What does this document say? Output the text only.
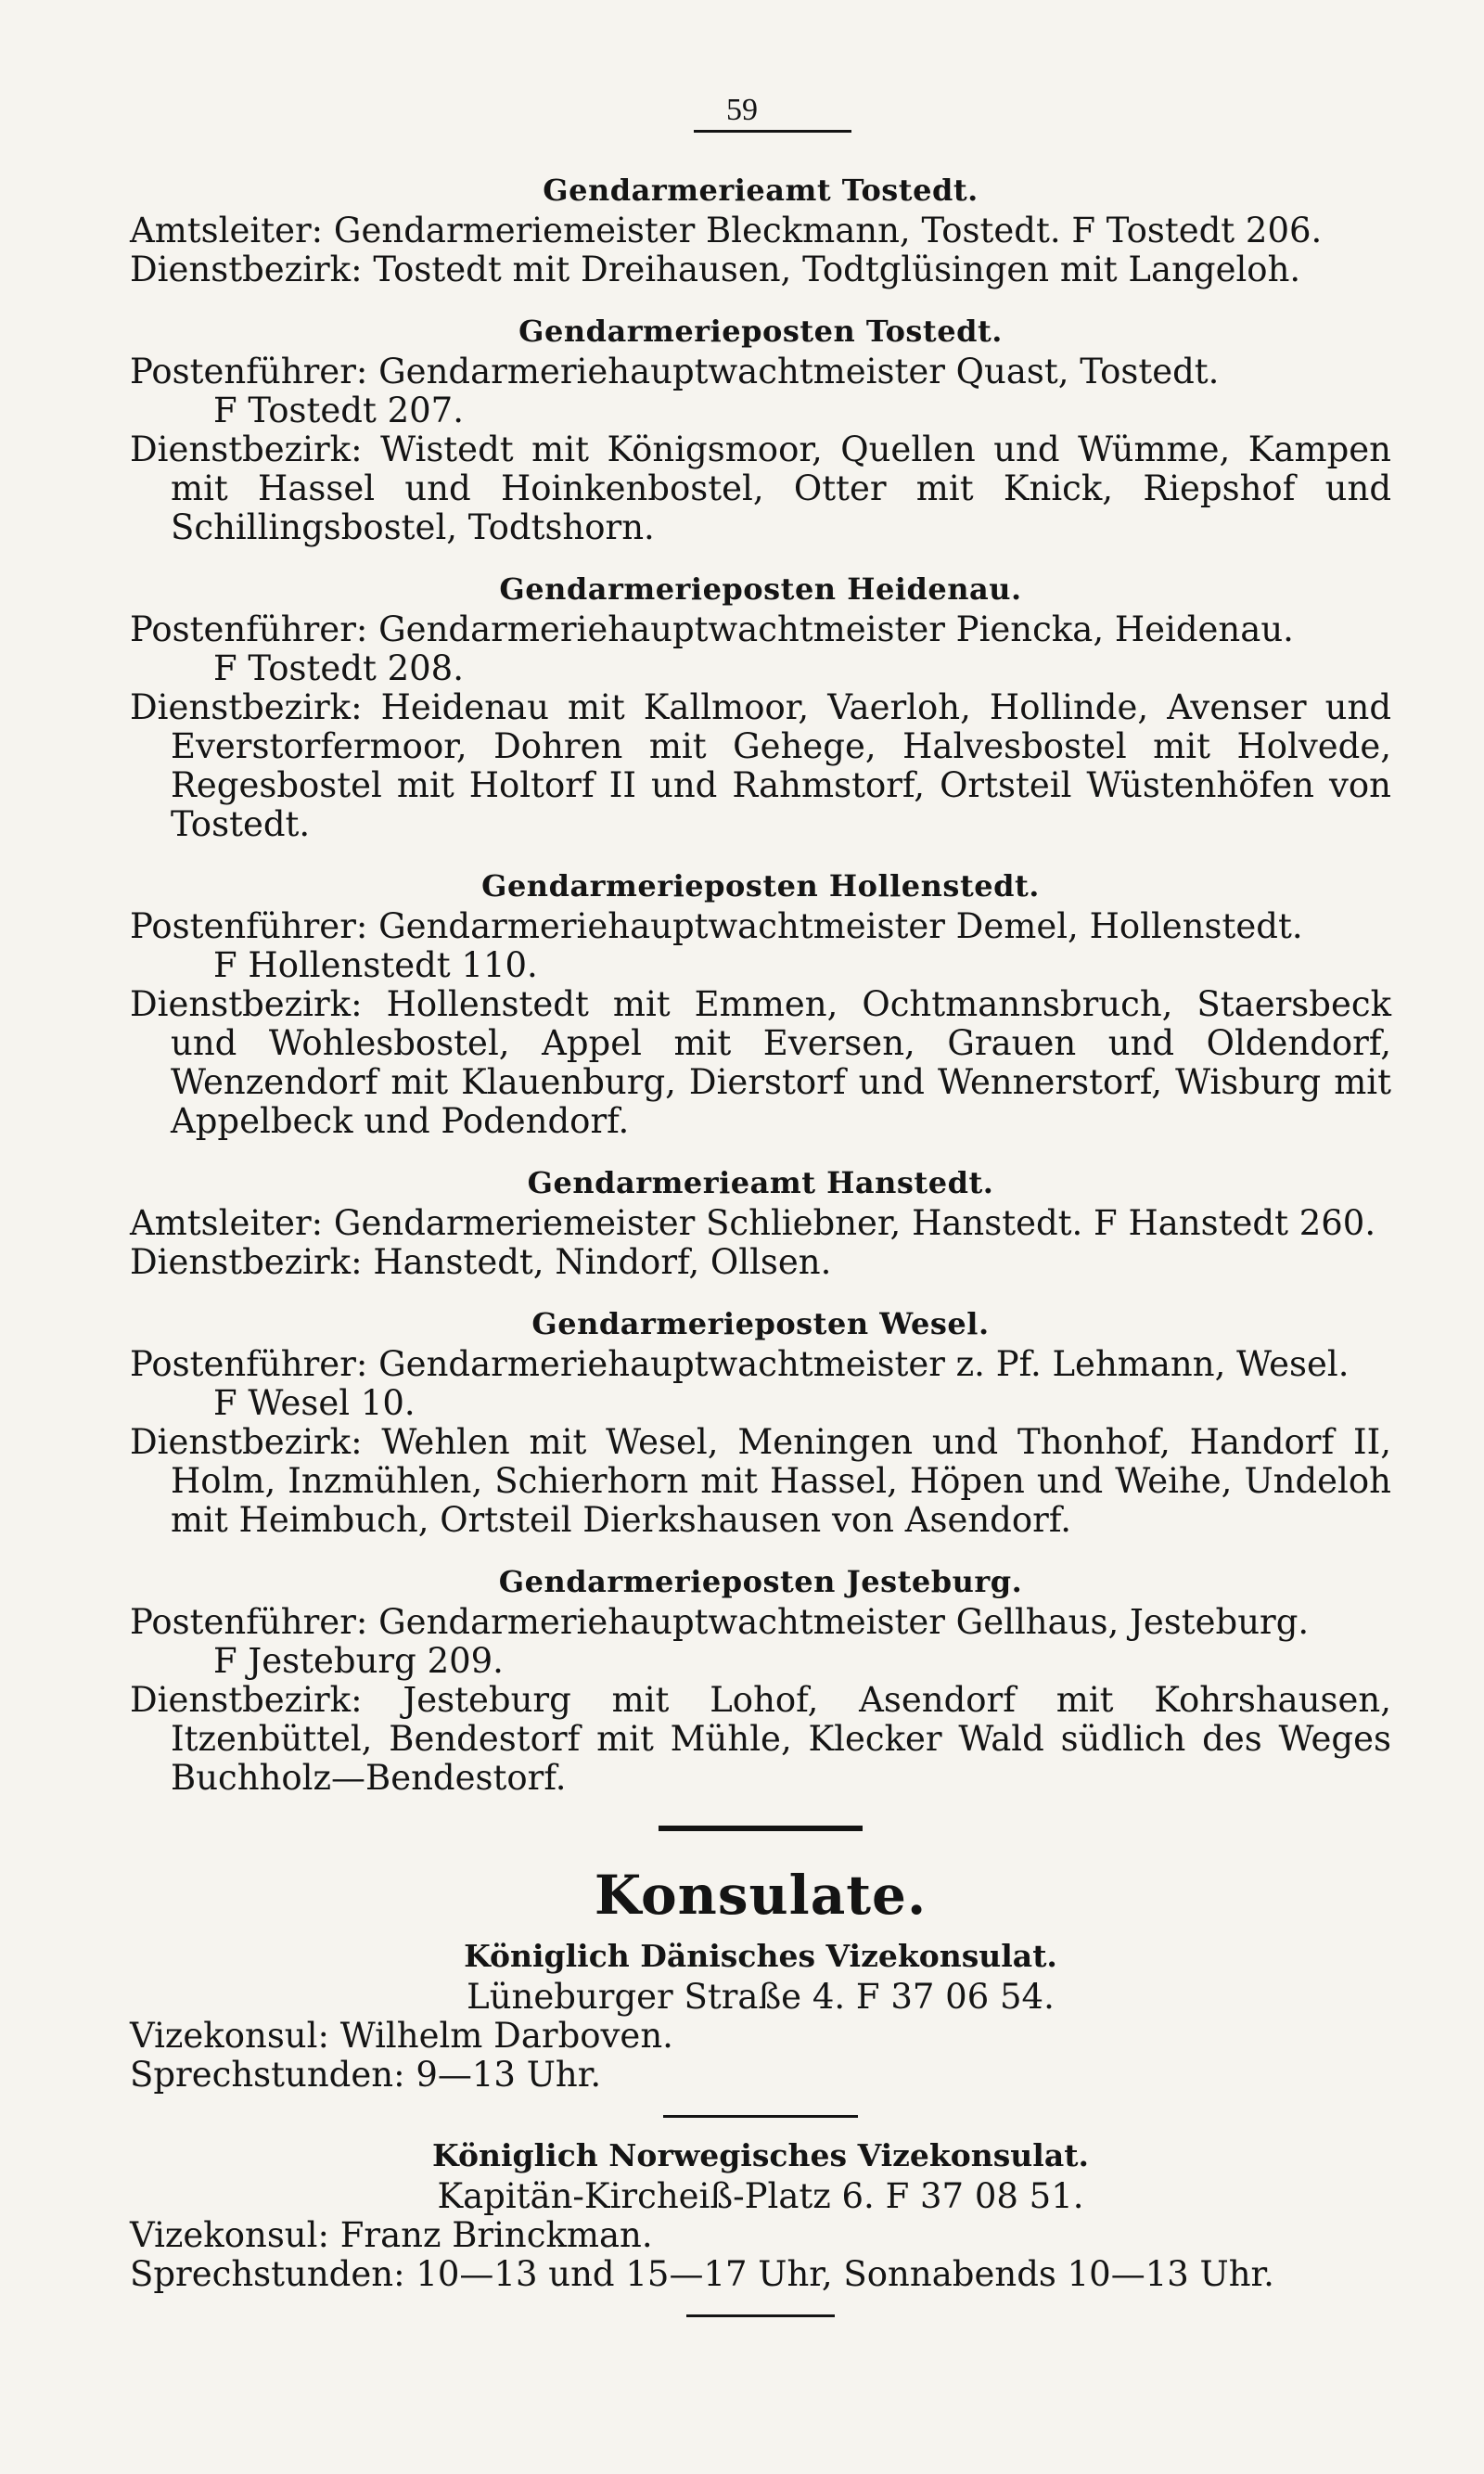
59
Gendarmerieamt Tostedt.
Amtsleiter: Gendarmeriemeister Bleckmann, Tostedt. F Tostedt 206.
Dienstbezirk: Tostedt mit Dreihausen, Todtglüsingen mit Langeloh.
Gendarmerieposten Tostedt.
Postenführer: Gendarmeriehauptwachtmeister Quast, Tostedt.
F Tostedt 207.
Dienstbezirk: Wistedt mit Königsmoor, Quellen und Wümme, Kampen mit Hassel und Hoinkenbostel, Otter mit Knick, Riepshof und Schillingsbostel, Todtshorn.
Gendarmerieposten Heidenau.
Postenführer: Gendarmeriehauptwachtmeister Piencka, Heidenau.
F Tostedt 208.
Dienstbezirk: Heidenau mit Kallmoor, Vaerloh, Hollinde, Avenser und Everstorfermoor, Dohren mit Gehege, Halvesbostel mit Holvede, Regesbostel mit Holtorf II und Rahmstorf, Ortsteil Wüstenhöfen von Tostedt.
Gendarmerieposten Hollenstedt.
Postenführer: Gendarmeriehauptwachtmeister Demel, Hollenstedt.
F Hollenstedt 110.
Dienstbezirk: Hollenstedt mit Emmen, Ochtmannsbruch, Staersbeck und Wohlesbostel, Appel mit Eversen, Grauen und Oldendorf, Wenzendorf mit Klauenburg, Dierstorf und Wennerstorf, Wisburg mit Appelbeck und Podendorf.
Gendarmerieamt Hanstedt.
Amtsleiter: Gendarmeriemeister Schliebner, Hanstedt. F Hanstedt 260.
Dienstbezirk: Hanstedt, Nindorf, Ollsen.
Gendarmerieposten Wesel.
Postenführer: Gendarmeriehauptwachtmeister z. Pf. Lehmann, Wesel.
F Wesel 10.
Dienstbezirk: Wehlen mit Wesel, Meningen und Thonhof, Handorf II, Holm, Inzmühlen, Schierhorn mit Hassel, Höpen und Weihe, Undeloh mit Heimbuch, Ortsteil Dierkshausen von Asendorf.
Gendarmerieposten Jesteburg.
Postenführer: Gendarmeriehauptwachtmeister Gellhaus, Jesteburg.
F Jesteburg 209.
Dienstbezirk: Jesteburg mit Lohof, Asendorf mit Kohrshausen, Itzenbüttel, Bendestorf mit Mühle, Klecker Wald südlich des Weges Buchholz—Bendestorf.
Konsulate.
Königlich Dänisches Vizekonsulat.
Lüneburger Straße 4. F 37 06 54.
Vizekonsul: Wilhelm Darboven.
Sprechstunden: 9—13 Uhr.
Königlich Norwegisches Vizekonsulat.
Kapitän-Kircheiß-Platz 6. F 37 08 51.
Vizekonsul: Franz Brinckman.
Sprechstunden: 10—13 und 15—17 Uhr, Sonnabends 10—13 Uhr.
